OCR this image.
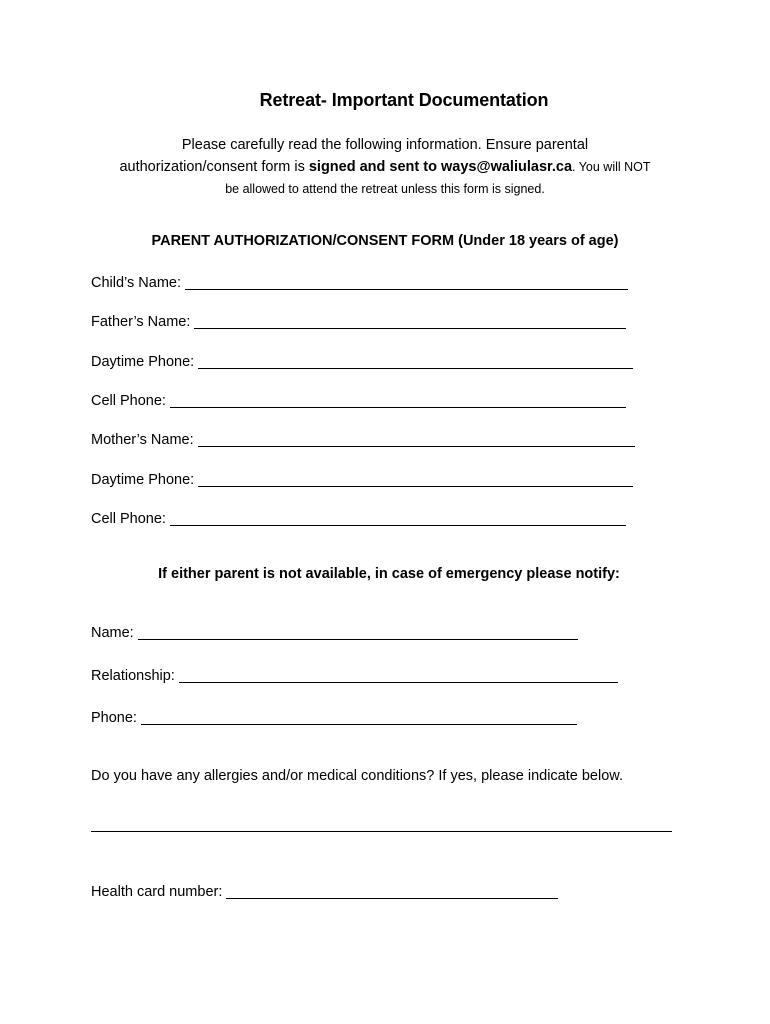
Retreat- Important Documentation
Please carefully read the following information. Ensure parental
authorization/consent form is signed and sent to ways@waliulasr.ca. You will NOT
be allowed to attend the retreat unless this form is signed.
PARENT AUTHORIZATION/CONSENT FORM (Under 18 years of age)
Child’s Name:
Father’s Name:
Daytime Phone:
Cell Phone:
Mother’s Name:
Daytime Phone:
Cell Phone:
If either parent is not available, in case of emergency please notify:
Name:
Relationship:
Phone:
Do you have any allergies and/or medical conditions? If yes, please indicate below.
Health card number:
